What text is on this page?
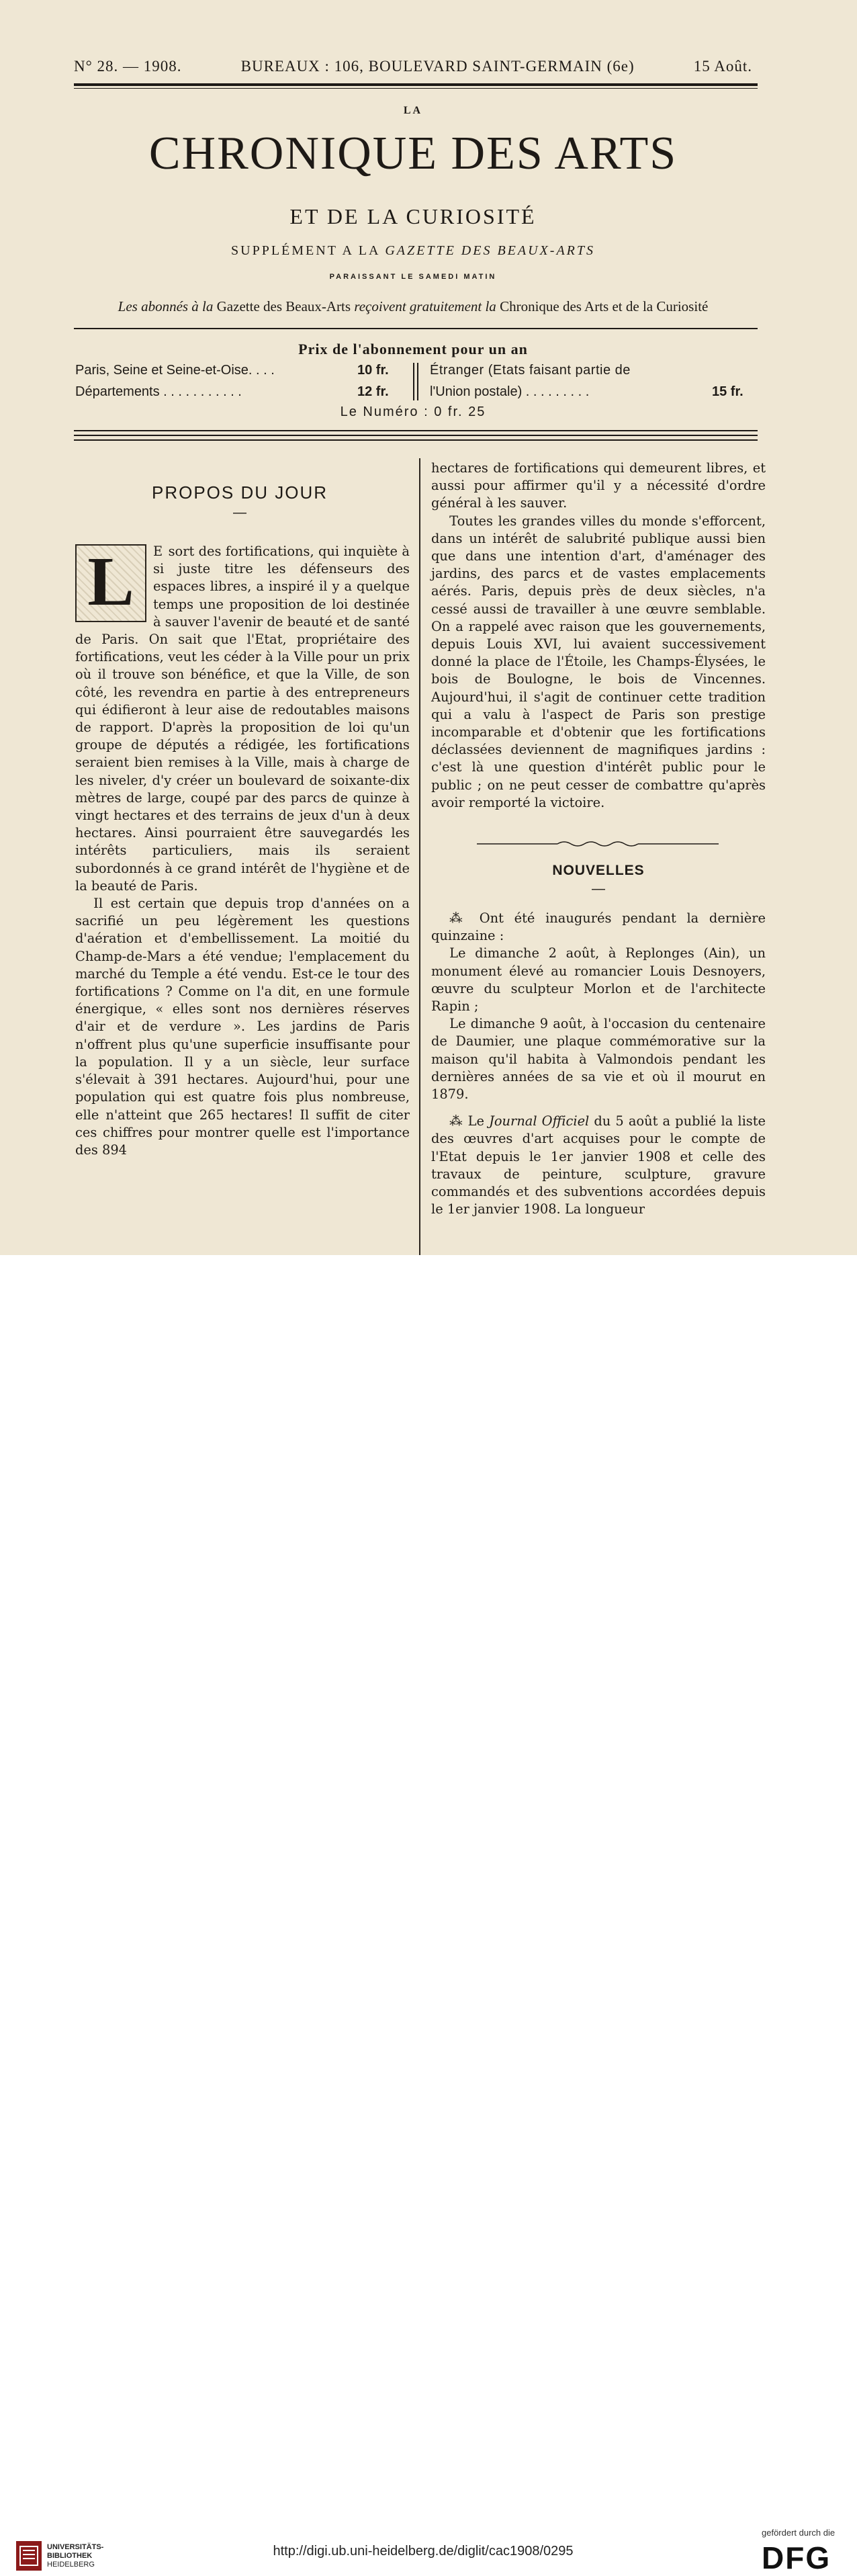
N° 28. — 1908.	BUREAUX : 106, BOULEVARD SAINT-GERMAIN (6e)	15 Août.
LA
CHRONIQUE DES ARTS
ET DE LA CURIOSITÉ
SUPPLÉMENT A LA GAZETTE DES BEAUX-ARTS
PARAISSANT LE SAMEDI MATIN
Les abonnés à la Gazette des Beaux-Arts reçoivent gratuitement la Chronique des Arts et de la Curiosité
Prix de l'abonnement pour un an
Paris, Seine et Seine-et-Oise. . . .	10 fr.
Départements . . . . . . . . . . .	12 fr.
Étranger (Etats faisant partie de
l'Union postale) . . . . . . . . .	15 fr.
Le Numéro : 0 fr. 25
PROPOS DU JOUR
—

L	E sort des fortifications, qui inquiète à si juste titre les défenseurs des espaces libres, a inspiré il y a quelque temps une proposition de loi destinée à sauver l'avenir de beauté et de santé de Paris. On sait que l'Etat, propriétaire des fortifications, veut les céder à la Ville pour un prix où il trouve son bénéfice, et que la Ville, de son côté, les revendra en partie à des entrepreneurs qui édifieront à leur aise de redoutables maisons de rapport. D'après la proposition de loi qu'un groupe de députés a rédigée, les fortifications seraient bien remises à la Ville, mais à charge de les niveler, d'y créer un boulevard de soixante-dix mètres de large, coupé par des parcs de quinze à vingt hectares et des terrains de jeux d'un à deux hectares. Ainsi pourraient être sauvegardés les intérêts particuliers, mais ils seraient subordonnés à ce grand intérêt de l'hygiène et de la beauté de Paris.

Il est certain que depuis trop d'années on a sacrifié un peu légèrement les questions d'aération et d'embellissement. La moitié du Champ-de-Mars a été vendue; l'emplacement du marché du Temple a été vendu. Est-ce le tour des fortifications ? Comme on l'a dit, en une formule énergique, « elles sont nos dernières réserves d'air et de verdure ». Les jardins de Paris n'offrent plus qu'une superficie insuffisante pour la population. Il y a un siècle, leur surface s'élevait à 391 hectares. Aujourd'hui, pour une population qui est quatre fois plus nombreuse, elle n'atteint que 265 hectares! Il suffit de citer ces chiffres pour montrer quelle est l'importance des 894

hectares de fortifications qui demeurent libres, et aussi pour affirmer qu'il y a nécessité d'ordre général à les sauver.

Toutes les grandes villes du monde s'efforcent, dans un intérêt de salubrité publique aussi bien que dans une intention d'art, d'aménager des jardins, des parcs et de vastes emplacements aérés. Paris, depuis près de deux siècles, n'a cessé aussi de travailler à une œuvre semblable. On a rappelé avec raison que les gouvernements, depuis Louis XVI, lui avaient successivement donné la place de l'Étoile, les Champs-Élysées, le bois de Boulogne, le bois de Vincennes. Aujourd'hui, il s'agit de continuer cette tradition qui a valu à l'aspect de Paris son prestige incomparable et d'obtenir que les fortifications déclassées deviennent de magnifiques jardins : c'est là une question d'intérêt public pour le public ; on ne peut cesser de combattre qu'après avoir remporté la victoire.

NOUVELLES
—

⁂ Ont été inaugurés pendant la dernière quinzaine :

Le dimanche 2 août, à Replonges (Ain), un monument élevé au romancier Louis Desnoyers, œuvre du sculpteur Morlon et de l'architecte Rapin ;

Le dimanche 9 août, à l'occasion du centenaire de Daumier, une plaque commémorative sur la maison qu'il habita à Valmondois pendant les dernières années de sa vie et où il mourut en 1879.

⁂ Le Journal Officiel du 5 août a publié la liste des œuvres d'art acquises pour le compte de l'Etat depuis le 1er janvier 1908 et celle des travaux de peinture, sculpture, gravure commandés et des subventions accordées depuis le 1er janvier 1908. La longueur

UNIVERSITÄTS-
BIBLIOTHEK
HEIDELBERG
http://digi.ub.uni-heidelberg.de/diglit/cac1908/0295
gefördert durch die
DFG
